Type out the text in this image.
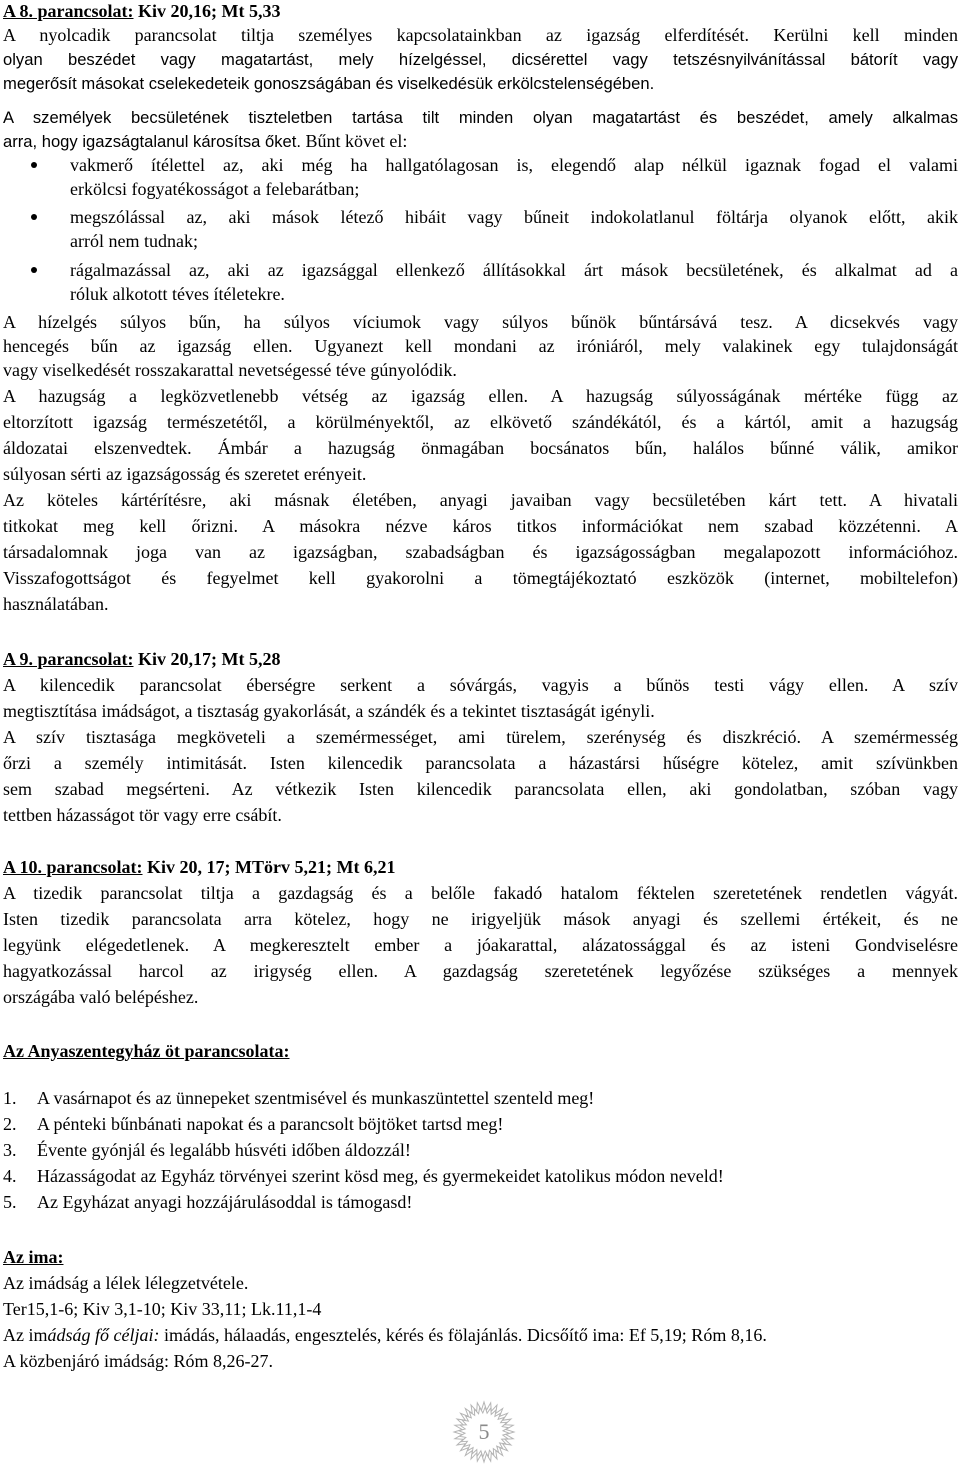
A 8. parancsolat: Kiv 20,16; Mt 5,33
A nyolcadik parancsolat tiltja személyes kapcsolatainkban az igazság elferdítését. Kerülni kell minden
olyan beszédet vagy magatartást, mely hízelgéssel, dicsérettel vagy tetszésnyilvánítással bátorít vagy
megerősít másokat cselekedeteik gonoszságában és viselkedésük erkölcstelenségében.
A személyek becsületének tiszteletben tartása tilt minden olyan magatartást és beszédet, amely alkalmas
arra, hogy igazságtalanul károsítsa őket. Bűnt követ el:
vakmerő ítélettel az, aki még ha hallgatólagosan is, elegendő alap nélkül igaznak fogad el valami
erkölcsi fogyatékosságot a felebarátban;
megszólással az, aki mások létező hibáit vagy bűneit indokolatlanul föltárja olyanok előtt, akik
arról nem tudnak;
rágalmazással az, aki az igazsággal ellenkező állításokkal árt mások becsületének, és alkalmat ad a
róluk alkotott téves ítéletekre.
A hízelgés súlyos bűn, ha súlyos víciumok vagy súlyos bűnök bűntársává tesz. A dicsekvés vagy
hencegés bűn az igazság ellen. Ugyanezt kell mondani az iróniáról, mely valakinek egy tulajdonságát
vagy viselkedését rosszakarattal nevetségessé téve gúnyolódik.
A hazugság a legközvetlenebb vétség az igazság ellen. A hazugság súlyosságának mértéke függ az
eltorzított igazság természetétől, a körülményektől, az elkövető szándékától, és a kártól, amit a hazugság
áldozatai elszenvedtek. Ámbár a hazugság önmagában bocsánatos bűn, halálos bűnné válik, amikor
súlyosan sérti az igazságosság és szeretet erényeit.
Az köteles kártérítésre, aki másnak életében, anyagi javaiban vagy becsületében kárt tett. A hivatali
titkokat meg kell őrizni. A másokra nézve káros titkos információkat nem szabad közzétenni. A
társadalomnak joga van az igazságban, szabadságban és igazságosságban megalapozott információhoz.
Visszafogottságot és fegyelmet kell gyakorolni a tömegtájékoztató eszközök (internet, mobiltelefon)
használatában.
A 9. parancsolat: Kiv 20,17; Mt 5,28
A kilencedik parancsolat éberségre serkent a sóvárgás, vagyis a bűnös testi vágy ellen. A szív
megtisztítása imádságot, a tisztaság gyakorlását, a szándék és a tekintet tisztaságát igényli.
A szív tisztasága megköveteli a szemérmességet, ami türelem, szerénység és diszkréció. A szemérmesség
őrzi a személy intimitását. Isten kilencedik parancsolata a házastársi hűségre kötelez, amit szívünkben
sem szabad megsérteni. Az vétkezik Isten kilencedik parancsolata ellen, aki gondolatban, szóban vagy
tettben házasságot tör vagy erre csábít.
A 10. parancsolat: Kiv 20, 17; MTörv 5,21; Mt 6,21
A tizedik parancsolat tiltja a gazdagság és a belőle fakadó hatalom féktelen szeretetének rendetlen vágyát.
Isten tizedik parancsolata arra kötelez, hogy ne irigyeljük mások anyagi és szellemi értékeit, és ne
legyünk elégedetlenek. A megkeresztelt ember a jóakarattal, alázatossággal és az isteni Gondviselésre
hagyatkozással harcol az irigység ellen. A gazdagság szeretetének legyőzése szükséges a mennyek
országába való belépéshez.
Az Anyaszentegyház öt parancsolata:
1. A vasárnapot és az ünnepeket szentmisével és munkaszüntettel szenteld meg!
2. A pénteki bűnbánati napokat és a parancsolt böjtöket tartsd meg!
3. Évente gyónjál és legalább húsvéti időben áldozzál!
4. Házasságodat az Egyház törvényei szerint kösd meg, és gyermekeidet katolikus módon neveld!
5. Az Egyházat anyagi hozzájárulásoddal is támogasd!
Az ima:
Az imádság a lélek lélegzetvétele.
Ter15,1-6; Kiv 3,1-10; Kiv 33,11; Lk.11,1-4
Az imádság fő céljai: imádás, hálaadás, engesztelés, kérés és fölajánlás. Dicsőítő ima: Ef 5,19; Róm 8,16.
A közbenjáró imádság: Róm 8,26-27.
5
